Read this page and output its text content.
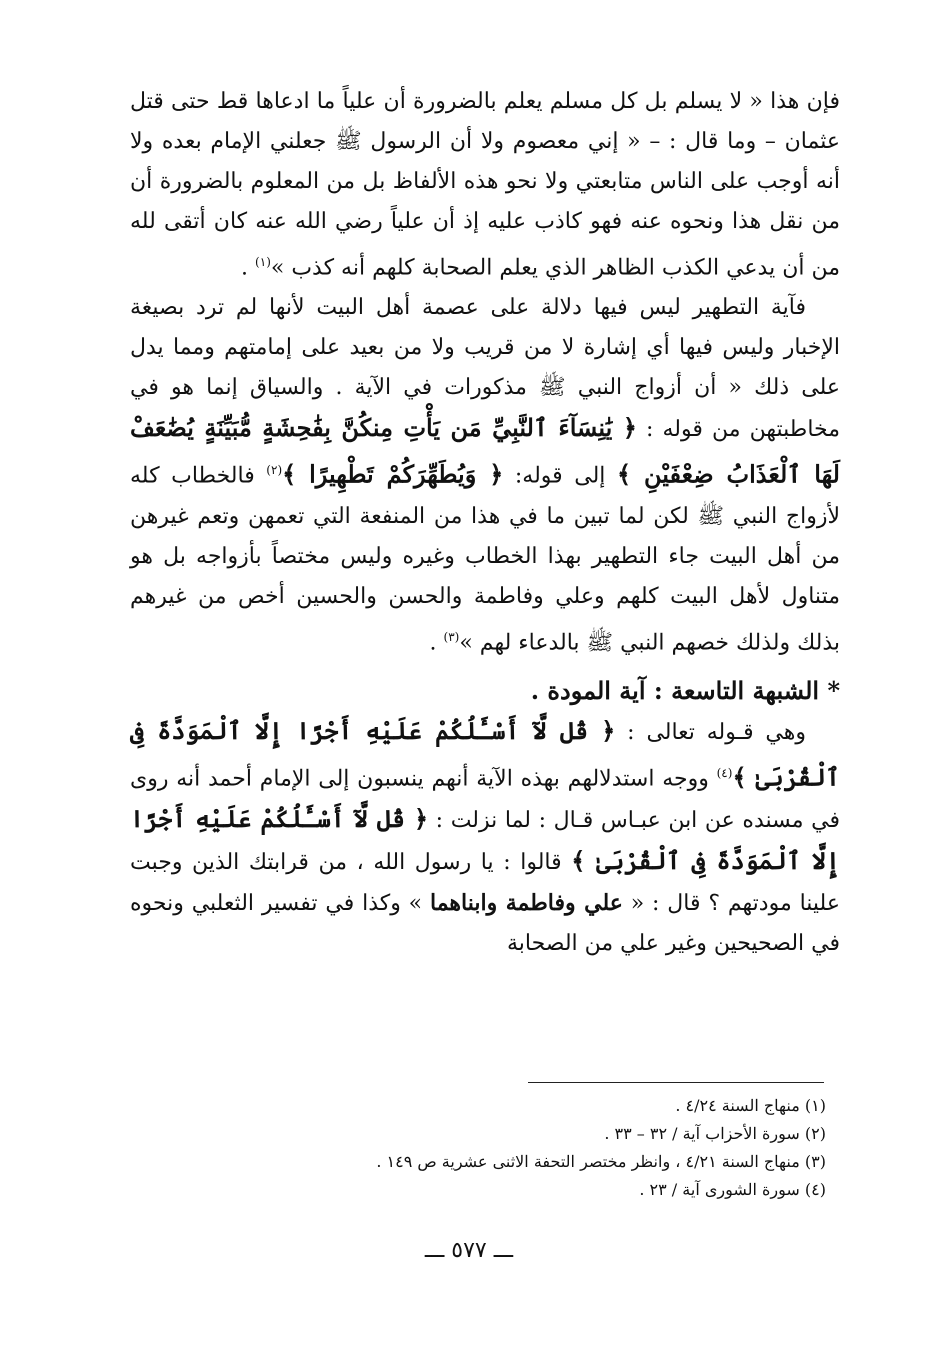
فإن هذا « لا يسلم بل كل مسلم يعلم بالضرورة أن علياً ما ادعاها قط حتى قتل عثمان – وما قال : – « إني معصوم ولا أن الرسول ﷺ جعلني الإمام بعده ولا أنه أوجب على الناس متابعتي ولا نحو هذه الألفاظ بل من المعلوم بالضرورة أن من نقل هذا ونحوه عنه فهو كاذب عليه إذ أن علياً رضي الله عنه كان أتقى لله من أن يدعي الكذب الظاهر الذي يعلم الصحابة كلهم أنه كذب »$^{(١)}$ .

فآية التطهير ليس فيها دلالة على عصمة أهل البيت لأنها لم ترد بصيغة الإخبار وليس فيها أي إشارة لا من قريب ولا من بعيد على إمامتهم ومما يدل على ذلك « أن أزواج النبي ﷺ مذكورات في الآية . والسياق إنما هو في مخاطبتهن من قوله : ﴿ يَٰنِسَآءَ ٱلنَّبِيِّ مَن يَأْتِ مِنكُنَّ بِفَٰحِشَةٍ مُّبَيِّنَةٍ يُضَٰعَفْ لَهَا ٱلْعَذَابُ ضِعْفَيْنِ ﴾ إلى قوله: ﴿ وَيُطَهِّرَكُمْ تَطْهِيرًا ﴾$^{(٢)}$ فالخطاب كله لأزواج النبي ﷺ لكن لما تبين ما في هذا من المنفعة التي تعمهن وتعم غيرهن من أهل البيت جاء التطهير بهذا الخطاب وغيره وليس مختصاً بأزواجه بل هو متناول لأهل البيت كلهم وعلي وفاطمة والحسن والحسين أخص من غيرهم بذلك ولذلك خصهم النبي ﷺ بالدعاء لهم »$^{(٣)}$ .

* الشبهة التاسعة : آية المودة .

وهي قـوله تعالى : ﴿ قُل لَّآ أَسْـَٔلُكُمْ عَلَيْهِ أَجْرًا إِلَّا ٱلْمَوَدَّةَ فِى ٱلْقُرْبَىٰ ﴾$^{(٤)}$ ووجه استدلالهم بهذه الآية أنهم ينسبون إلى الإمام أحمد أنه روى في مسنده عن ابن عبـاس قـال : لما نزلت : ﴿ قُل لَّآ أَسْـَٔلُكُمْ عَلَيْهِ أَجْرًا إِلَّا ٱلْمَوَدَّةَ فِى ٱلْقُرْبَىٰ ﴾ قالوا : يا رسول الله ، من قرابتك الذين وجبت علينا مودتهم ؟ قال : « علي وفاطمة وابناهما » وكذا في تفسير الثعلبي ونحوه في الصحيحين وغير علي من الصحابة

(١) منهاج السنة ٤/٢٤ .

(٢) سورة الأحزاب آية / ٣٢ – ٣٣ .

(٣) منهاج السنة ٤/٢١ ، وانظر مختصر التحفة الاثنى عشرية ص ١٤٩ .

(٤) سورة الشورى آية / ٢٣ .

ـــ ٥٧٧ ـــ
